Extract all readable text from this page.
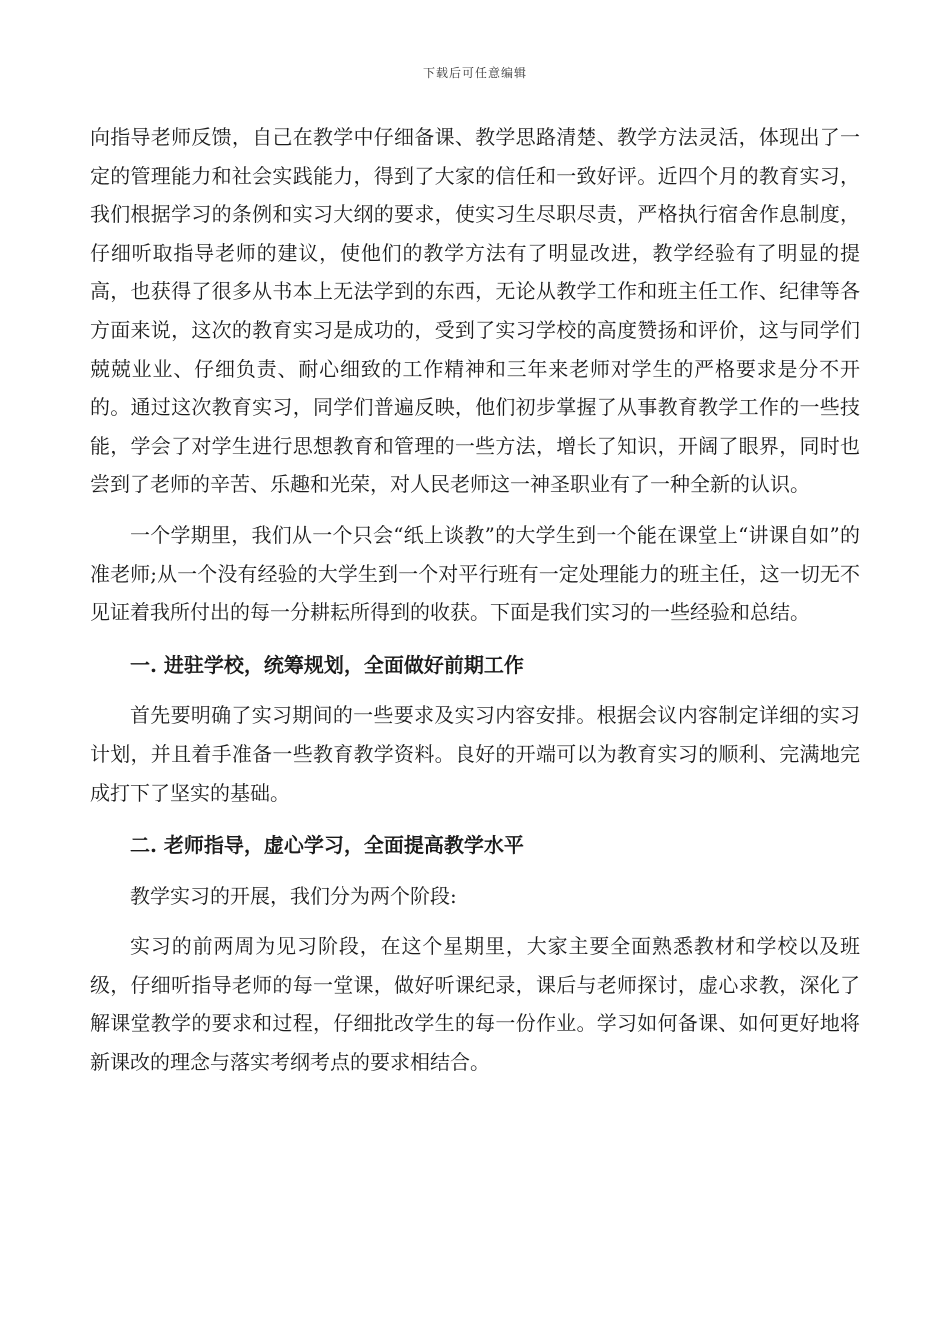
下载后可任意编辑

向指导老师反馈，自己在教学中仔细备课、教学思路清楚、教学方法灵活，体现出了一定的管理能力和社会实践能力，得到了大家的信任和一致好评。近四个月的教育实习，我们根据学习的条例和实习大纲的要求，使实习生尽职尽责，严格执行宿舍作息制度，仔细听取指导老师的建议，使他们的教学方法有了明显改进，教学经验有了明显的提高，也获得了很多从书本上无法学到的东西，无论从教学工作和班主任工作、纪律等各方面来说，这次的教育实习是成功的，受到了实习学校的高度赞扬和评价，这与同学们兢兢业业、仔细负责、耐心细致的工作精神和三年来老师对学生的严格要求是分不开的。通过这次教育实习，同学们普遍反映，他们初步掌握了从事教育教学工作的一些技能，学会了对学生进行思想教育和管理的一些方法，增长了知识，开阔了眼界，同时也尝到了老师的辛苦、乐趣和光荣，对人民老师这一神圣职业有了一种全新的认识。

一个学期里，我们从一个只会“纸上谈教”的大学生到一个能在课堂上“讲课自如”的准老师;从一个没有经验的大学生到一个对平行班有一定处理能力的班主任，这一切无不见证着我所付出的每一分耕耘所得到的收获。下面是我们实习的一些经验和总结。

一. 进驻学校，统筹规划，全面做好前期工作

首先要明确了实习期间的一些要求及实习内容安排。根据会议内容制定详细的实习计划，并且着手准备一些教育教学资料。良好的开端可以为教育实习的顺利、完满地完成打下了坚实的基础。

二. 老师指导，虚心学习，全面提高教学水平

教学实习的开展，我们分为两个阶段:

实习的前两周为见习阶段，在这个星期里，大家主要全面熟悉教材和学校以及班级，仔细听指导老师的每一堂课，做好听课纪录，课后与老师探讨，虚心求教，深化了解课堂教学的要求和过程，仔细批改学生的每一份作业。学习如何备课、如何更好地将新课改的理念与落实考纲考点的要求相结合。
